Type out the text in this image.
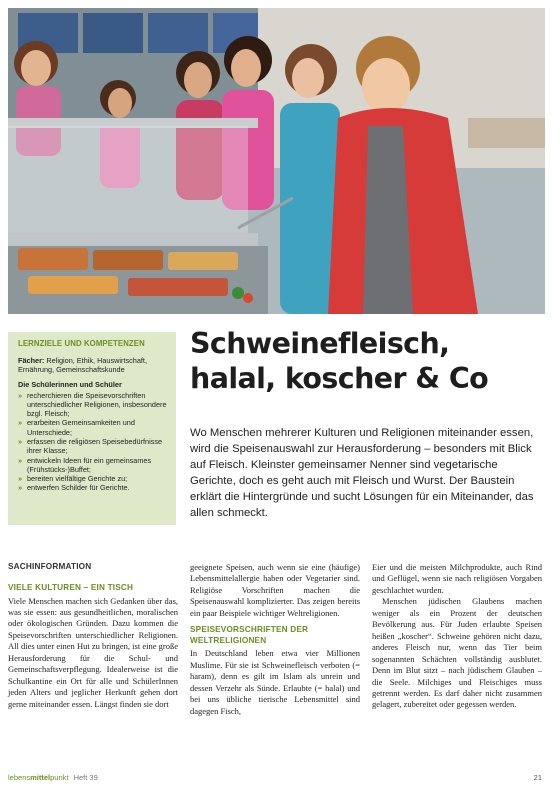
LERNZIELE UND KOMPETENZEN
Fächer: Religion, Ethik, Hauswirtschaft, Ernährung, Gemeinschaftskunde
Die Schülerinnen und Schüler
» recherchieren die Speisevorschriften unterschiedlicher Religionen, insbesondere bzgl. Fleisch;
» erarbeiten Gemeinsamkeiten und Unterschiede;
» erfassen die religiösen Speisebedürfnisse ihrer Klasse;
» entwickeln Ideen für ein gemeinsames (Frühstücks-)Buffet;
» bereiten vielfältige Gerichte zu;
» entwerfen Schilder für Gerichte.
Schweinefleisch,
halal, koscher & Co
Wo Menschen mehrerer Kulturen und Religionen miteinander essen, wird die Speisenauswahl zur Herausforderung – besonders mit Blick auf Fleisch. Kleinster gemeinsamer Nenner sind vegetarische Gerichte, doch es geht auch mit Fleisch und Wurst. Der Baustein erklärt die Hintergründe und sucht Lösungen für ein Miteinander, das allen schmeckt.
SACHINFORMATION
VIELE KULTUREN – EIN TISCH

Viele Menschen machen sich Gedanken über das, was sie essen: aus gesundheitlichen, moralischen oder ökologischen Gründen. Dazu kommen die Speisevorschriften unterschiedlicher Religionen. All dies unter einen Hut zu bringen, ist eine große Herausforderung für die Schul- und Gemeinschaftsverpflegung. Idealerweise ist die Schulkantine ein Ort für alle und SchülerInnen jeden Alters und jeglicher Herkunft gehen dort gerne miteinander essen. Längst finden sie dort

geeignete Speisen, auch wenn sie eine (häufige) Lebensmittelallergie haben oder Vegetarier sind. Religiöse Vorschriften machen die Speisenauswahl komplizierter. Das zeigen bereits ein paar Beispiele wichtiger Weltreligionen.

SPEISEVORSCHRIFTEN DER WELTRELIGIONEN

In Deutschland leben etwa vier Millionen Muslime. Für sie ist Schweinefleisch verboten (= haram), denn es gilt im Islam als unrein und dessen Verzehr als Sünde. Erlaubte (= halal) und bei uns übliche tierische Lebensmittel sind dagegen Fisch,

Eier und die meisten Milchprodukte, auch Rind und Geflügel, wenn sie nach religiösen Vorgaben geschlachtet wurden.

Menschen jüdischen Glaubens machen weniger als ein Prozent der deutschen Bevölkerung aus. Für Juden erlaubte Speisen heißen „koscher“. Schweine gehören nicht dazu, anderes Fleisch nur, wenn das Tier beim sogenannten Schächten vollständig ausblutet. Denn im Blut sitzt – nach jüdischem Glauben – die Seele. Milchiges und Fleischiges muss getrennt werden. Es darf daher nicht zusammen gelagert, zubereitet oder gegessen werden.

lebensmittelpunkt Heft 39	21
